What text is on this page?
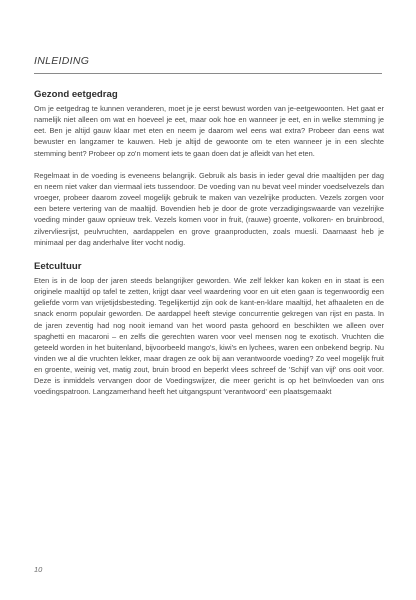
INLEIDING
Gezond eetgedrag

Om je eetgedrag te kunnen veranderen, moet je je eerst bewust worden van je-eetgewoonten. Het gaat er namelijk niet alleen om wat en hoeveel je eet, maar ook hoe en wanneer je eet, en in welke stemming je eet. Ben je altijd gauw klaar met eten en neem je daarom wel eens wat extra? Probeer dan eens wat bewuster en langzamer te kauwen. Heb je altijd de gewoonte om te eten wanneer je in een slechte stemming bent? Probeer op zo'n moment iets te gaan doen dat je afleidt van het eten.

Regelmaat in de voeding is eveneens belangrijk. Gebruik als basis in ieder geval drie maaltijden per dag en neem niet vaker dan viermaal iets tussendoor. De voeding van nu bevat veel minder voedselvezels dan vroeger, probeer daarom zoveel mogelijk gebruik te maken van vezelrijke producten. Vezels zorgen voor een betere vertering van de maaltijd. Bovendien heb je door de grote verzadigingswaarde van vezelrijke voeding minder gauw opnieuw trek. Vezels komen voor in fruit, (rauwe) groente, volkoren- en bruinbrood, zilvervliesrijst, peulvruchten, aardappelen en grove graanproducten, zoals muesli. Daarnaast heb je minimaal per dag anderhalve liter vocht nodig.

Eetcultuur

Eten is in de loop der jaren steeds belangrijker geworden. Wie zelf lekker kan koken en in staat is een originele maaltijd op tafel te zetten, krijgt daar veel waardering voor en uit eten gaan is tegenwoordig een geliefde vorm van vrijetijdsbesteding. Tegelijkertijd zijn ook de kant-en-klare maaltijd, het afhaaleten en de snack enorm populair geworden. De aardappel heeft stevige concurrentie gekregen van rijst en pasta. In de jaren zeventig had nog nooit iemand van het woord pasta gehoord en beschikten we alleen over spaghetti en macaroni – en zelfs die gerechten waren voor veel mensen nog te exotisch. Vruchten die geteeld worden in het buitenland, bijvoorbeeld mango's, kiwi's en lychees, waren een onbekend begrip. Nu vinden we al die vruchten lekker, maar dragen ze ook bij aan verantwoorde voeding? Zo veel mogelijk fruit en groente, weinig vet, matig zout, bruin brood en beperkt vlees schreef de 'Schijf van vijf' ons ooit voor. Deze is inmiddels vervangen door de Voedingswijzer, die meer gericht is op het beïnvloeden van ons voedingspatroon. Langzamerhand heeft het uitgangspunt 'verantwoord' een plaatsgemaakt

10
